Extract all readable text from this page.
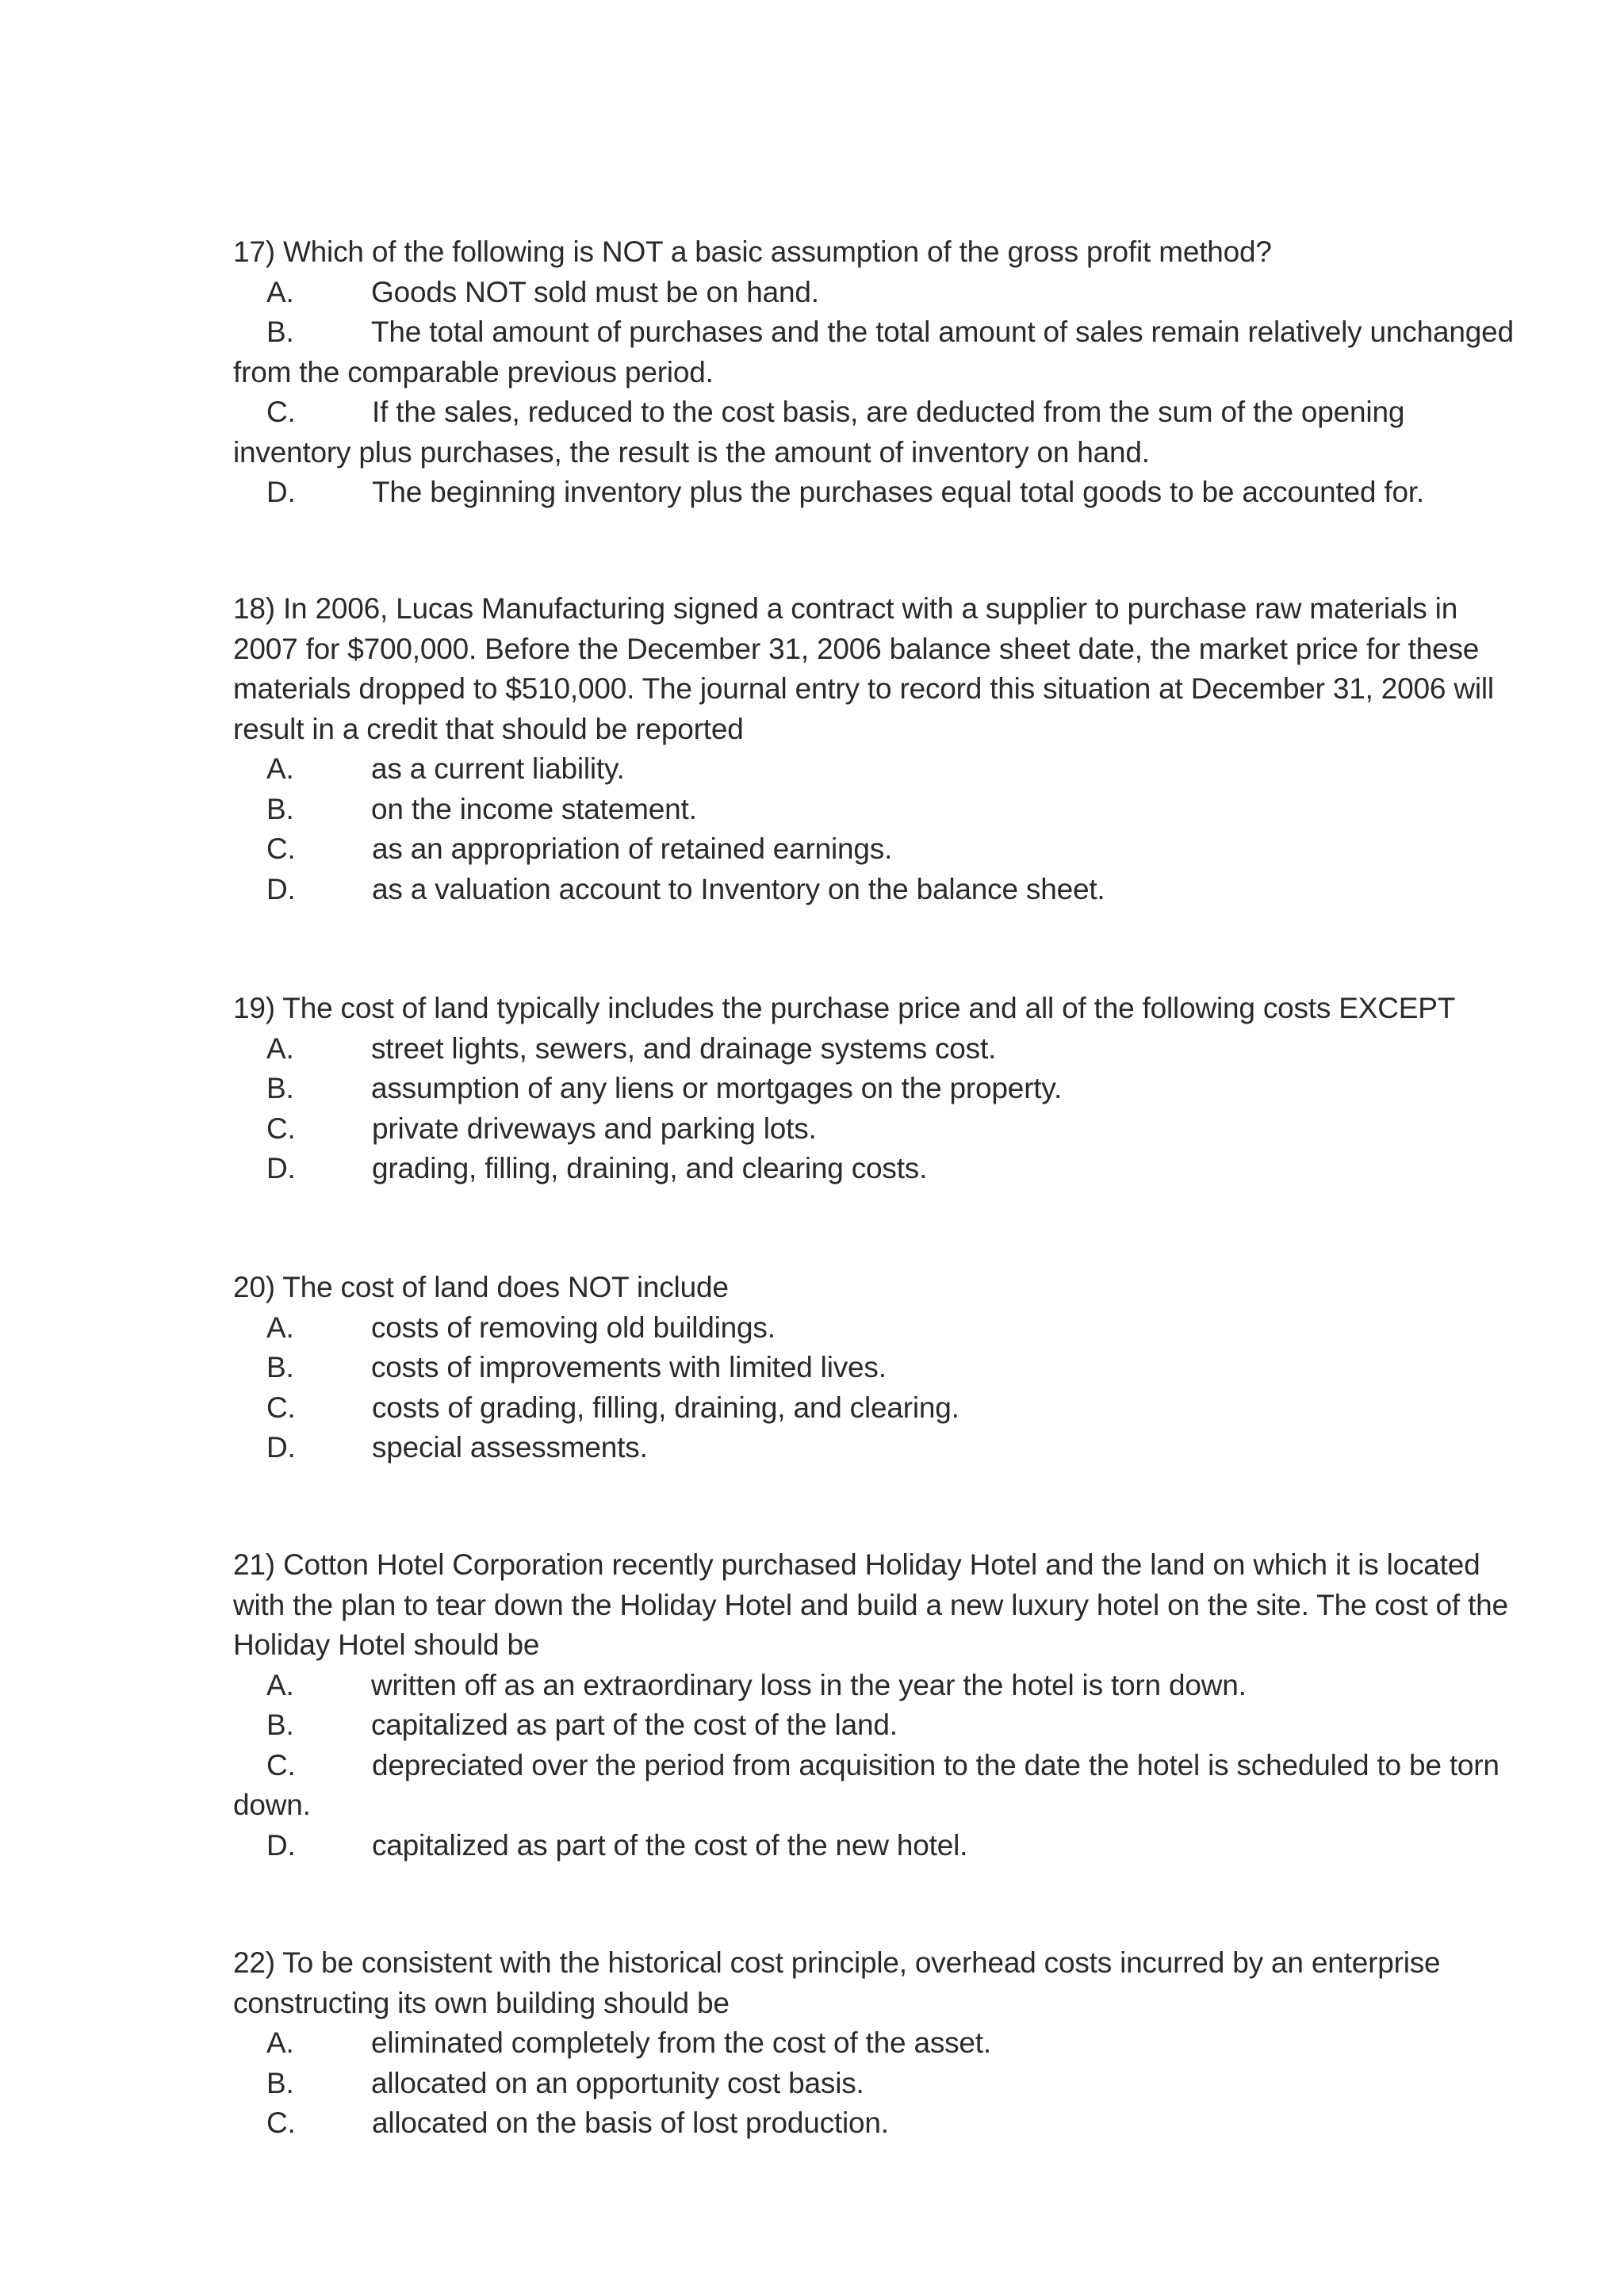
17) Which of the following is NOT a basic assumption of the gross profit method?

A.	Goods NOT sold must be on hand.

B.	The total amount of purchases and the total amount of sales remain relatively unchanged from the comparable previous period.

C.	If the sales, reduced to the cost basis, are deducted from the sum of the opening inventory plus purchases, the result is the amount of inventory on hand.

D.	The beginning inventory plus the purchases equal total goods to be accounted for.

18) In 2006, Lucas Manufacturing signed a contract with a supplier to purchase raw materials in 2007 for $700,000. Before the December 31, 2006 balance sheet date, the market price for these materials dropped to $510,000. The journal entry to record this situation at December 31, 2006 will result in a credit that should be reported

A.	as a current liability.

B.	on the income statement.

C.	as an appropriation of retained earnings.

D.	as a valuation account to Inventory on the balance sheet.

19) The cost of land typically includes the purchase price and all of the following costs EXCEPT

A.	street lights, sewers, and drainage systems cost.

B.	assumption of any liens or mortgages on the property.

C.	private driveways and parking lots.

D.	grading, filling, draining, and clearing costs.

20) The cost of land does NOT include

A.	costs of removing old buildings.

B.	costs of improvements with limited lives.

C.	costs of grading, filling, draining, and clearing.

D.	special assessments.

21) Cotton Hotel Corporation recently purchased Holiday Hotel and the land on which it is located with the plan to tear down the Holiday Hotel and build a new luxury hotel on the site. The cost of the Holiday Hotel should be

A.	written off as an extraordinary loss in the year the hotel is torn down.

B.	capitalized as part of the cost of the land.

C.	depreciated over the period from acquisition to the date the hotel is scheduled to be torn down.

D.	capitalized as part of the cost of the new hotel.

22) To be consistent with the historical cost principle, overhead costs incurred by an enterprise constructing its own building should be

A.	eliminated completely from the cost of the asset.

B.	allocated on an opportunity cost basis.

C.	allocated on the basis of lost production.
